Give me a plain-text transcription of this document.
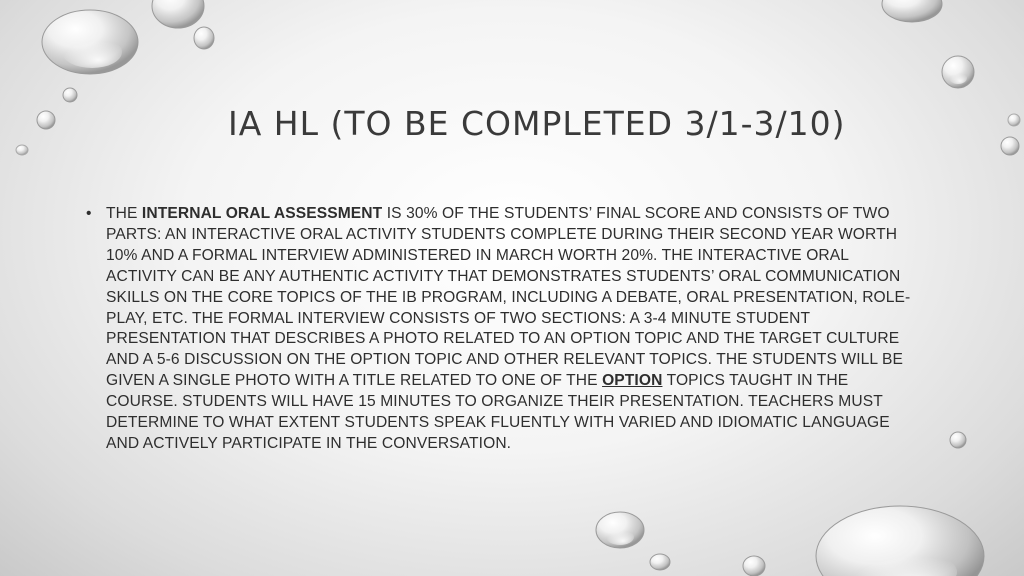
IA HL (TO BE COMPLETED 3/1-3/10)
• THE INTERNAL ORAL ASSESSMENT IS 30% OF THE STUDENTS’ FINAL SCORE AND CONSISTS OF TWO PARTS: AN INTERACTIVE ORAL ACTIVITY STUDENTS COMPLETE DURING THEIR SECOND YEAR WORTH 10% AND A FORMAL INTERVIEW ADMINISTERED IN MARCH WORTH 20%. THE INTERACTIVE ORAL ACTIVITY CAN BE ANY AUTHENTIC ACTIVITY THAT DEMONSTRATES STUDENTS’ ORAL COMMUNICATION SKILLS ON THE CORE TOPICS OF THE IB PROGRAM, INCLUDING A DEBATE, ORAL PRESENTATION, ROLE-PLAY, ETC. THE FORMAL INTERVIEW CONSISTS OF TWO SECTIONS: A 3-4 MINUTE STUDENT PRESENTATION THAT DESCRIBES A PHOTO RELATED TO AN OPTION TOPIC AND THE TARGET CULTURE AND A 5-6 DISCUSSION ON THE OPTION TOPIC AND OTHER RELEVANT TOPICS. THE STUDENTS WILL BE GIVEN A SINGLE PHOTO WITH A TITLE RELATED TO ONE OF THE OPTION TOPICS TAUGHT IN THE COURSE. STUDENTS WILL HAVE 15 MINUTES TO ORGANIZE THEIR PRESENTATION. TEACHERS MUST DETERMINE TO WHAT EXTENT STUDENTS SPEAK FLUENTLY WITH VARIED AND IDIOMATIC LANGUAGE AND ACTIVELY PARTICIPATE IN THE CONVERSATION.
